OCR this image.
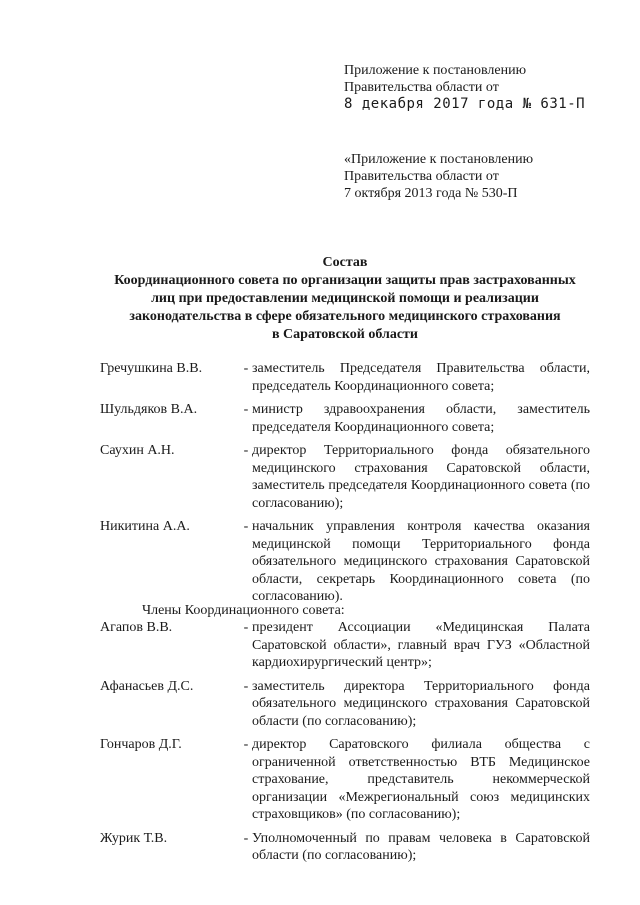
Приложение к постановлению
Правительства области от
8 декабря 2017 года № 631-П
«Приложение к постановлению
Правительства области от
7 октября 2013 года № 530-П
Состав
Координационного совета по организации защиты прав застрахованных
лиц при предоставлении медицинской помощи и реализации
законодательства в сфере обязательного медицинского страхования
в Саратовской области
Гречушкина В.В.	- заместитель Председателя Правительства области, председатель Координационного совета;
Шульдяков В.А.	- министр здравоохранения области, заместитель председателя Координационного совета;
Саухин А.Н.	- директор Территориального фонда обязательного медицинского страхования Саратовской области, заместитель председателя Координационного совета (по согласованию);
Никитина А.А.	- начальник управления контроля качества оказания медицинской помощи Территориального фонда обязательного медицинского страхования Саратовской области, секретарь Координационного совета (по согласованию).
Члены Координационного совета:
Агапов В.В.	- президент Ассоциации «Медицинская Палата Саратовской области», главный врач ГУЗ «Областной кардиохирургический центр»;
Афанасьев Д.С.	- заместитель директора Территориального фонда обязательного медицинского страхования Саратовской области (по согласованию);
Гончаров Д.Г.	- директор Саратовского филиала общества с ограниченной ответственностью ВТБ Медицинское страхование, представитель некоммерческой организации «Межрегиональный союз медицинских страховщиков» (по согласованию);
Журик Т.В.	- Уполномоченный по правам человека в Саратовской области (по согласованию);
